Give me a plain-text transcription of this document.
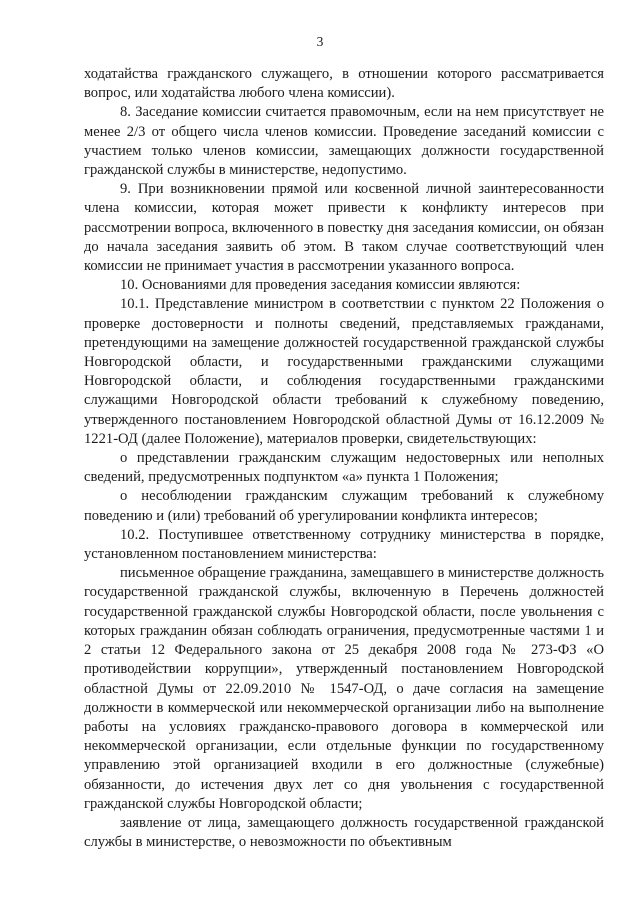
3

ходатайства гражданского служащего, в отношении которого рассматривается вопрос, или ходатайства любого члена комиссии).

8. Заседание комиссии считается правомочным, если на нем присутствует не менее 2/3 от общего числа членов комиссии. Проведение заседаний комиссии с участием только членов комиссии, замещающих должности государственной гражданской службы в министерстве, недопустимо.

9. При возникновении прямой или косвенной личной заинтересованности члена комиссии, которая может привести к конфликту интересов при рассмотрении вопроса, включенного в повестку дня заседания комиссии, он обязан до начала заседания заявить об этом. В таком случае соответствующий член комиссии не принимает участия в рассмотрении указанного вопроса.

10. Основаниями для проведения заседания комиссии являются:

10.1. Представление министром в соответствии с пунктом 22 Положения о проверке достоверности и полноты сведений, представляемых гражданами, претендующими на замещение должностей государственной гражданской службы Новгородской области, и государственными гражданскими служащими Новгородской области, и соблюдения государственными гражданскими служащими Новгородской области требований к служебному поведению, утвержденного постановлением Новгородской областной Думы от 16.12.2009 № 1221-ОД (далее Положение), материалов проверки, свидетельствующих:

о представлении гражданским служащим недостоверных или неполных сведений, предусмотренных подпунктом «а» пункта 1 Положения;

о несоблюдении гражданским служащим требований к служебному поведению и (или) требований об урегулировании конфликта интересов;

10.2. Поступившее ответственному сотруднику министерства в порядке, установленном постановлением министерства:

письменное обращение гражданина, замещавшего в министерстве должность государственной гражданской службы, включенную в Перечень должностей государственной гражданской службы Новгородской области, после увольнения с которых гражданин обязан соблюдать ограничения, предусмотренные частями 1 и 2 статьи 12 Федерального закона от 25 декабря 2008 года № 273-ФЗ «О противодействии коррупции», утвержденный постановлением Новгородской областной Думы от 22.09.2010 № 1547-ОД, о даче согласия на замещение должности в коммерческой или некоммерческой организации либо на выполнение работы на условиях гражданско-правового договора в коммерческой или некоммерческой организации, если отдельные функции по государственному управлению этой организацией входили в его должностные (служебные) обязанности, до истечения двух лет со дня увольнения с государственной гражданской службы Новгородской области;

заявление от лица, замещающего должность государственной гражданской службы в министерстве, о невозможности по объективным
